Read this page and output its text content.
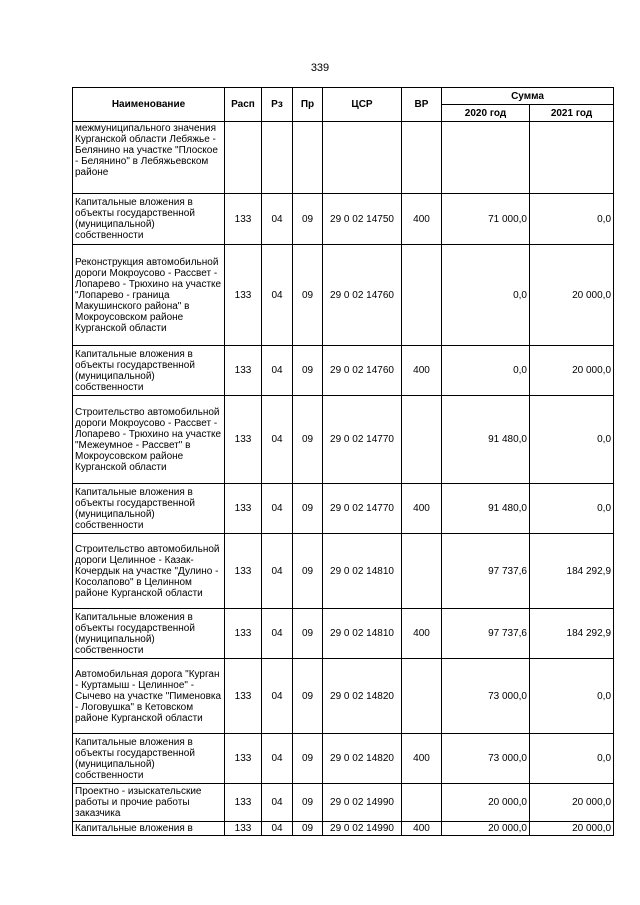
339
Наименование	Расп	Рз	Пр	ЦСР	ВР	Сумма	
						2020 год	2021 год
межмуниципального значения Курганской области Лебяжье - Белянино на участке "Плоское - Белянино" в Лебяжьевском районе							
Капитальные вложения в объекты государственной (муниципальной) собственности	133	04	09	29 0 02 14750	400	71 000,0	0,0
Реконструкция автомобильной дороги Мокроусово - Рассвет - Лопарево - Трюхино на участке "Лопарево - граница Макушинского района" в Мокроусовском районе Курганской области	133	04	09	29 0 02 14760		0,0	20 000,0
Капитальные вложения в объекты государственной (муниципальной) собственности	133	04	09	29 0 02 14760	400	0,0	20 000,0
Строительство автомобильной дороги Мокроусово - Рассвет - Лопарево - Трюхино на участке "Межеумное - Рассвет" в Мокроусовском районе Курганской области	133	04	09	29 0 02 14770		91 480,0	0,0
Капитальные вложения в объекты государственной (муниципальной) собственности	133	04	09	29 0 02 14770	400	91 480,0	0,0
Строительство автомобильной дороги Целинное - Казак-Кочердык на участке "Дулино - Косолапово" в Целинном районе Курганской области	133	04	09	29 0 02 14810		97 737,6	184 292,9
Капитальные вложения в объекты государственной (муниципальной) собственности	133	04	09	29 0 02 14810	400	97 737,6	184 292,9
Автомобильная дорога "Курган - Куртамыш - Целинное" - Сычево на участке "Пименовка - Логовушка" в Кетовском районе Курганской области	133	04	09	29 0 02 14820		73 000,0	0,0
Капитальные вложения в объекты государственной (муниципальной) собственности	133	04	09	29 0 02 14820	400	73 000,0	0,0
Проектно - изыскательские работы и прочие работы заказчика	133	04	09	29 0 02 14990		20 000,0	20 000,0
Капитальные вложения в	133	04	09	29 0 02 14990	400	20 000,0	20 000,0
